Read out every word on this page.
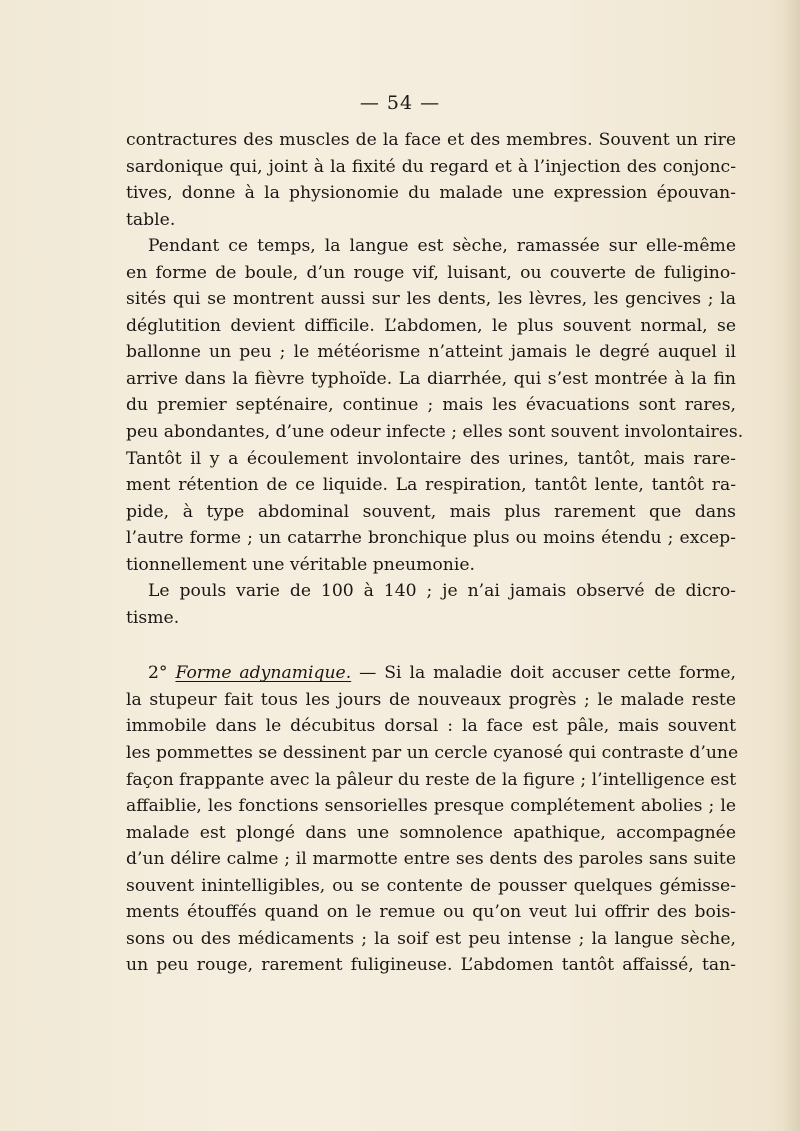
— 54 —
contractures des muscles de la face et des membres. Souvent un rire
sardonique qui, joint à la fixité du regard et à l’injection des conjonc-
tives, donne à la physionomie du malade une expression épouvan-
table.
Pendant ce temps, la langue est sèche, ramassée sur elle-même
en forme de boule, d’un rouge vif, luisant, ou couverte de fuligino-
sités qui se montrent aussi sur les dents, les lèvres, les gencives ; la
déglutition devient difficile. L’abdomen, le plus souvent normal, se
ballonne un peu ; le météorisme n’atteint jamais le degré auquel il
arrive dans la fièvre typhoïde. La diarrhée, qui s’est montrée à la fin
du premier septénaire, continue ; mais les évacuations sont rares,
peu abondantes, d’une odeur infecte ; elles sont souvent involontaires.
Tantôt il y a écoulement involontaire des urines, tantôt, mais rare-
ment rétention de ce liquide. La respiration, tantôt lente, tantôt ra-
pide, à type abdominal souvent, mais plus rarement que dans
l’autre forme ; un catarrhe bronchique plus ou moins étendu ; excep-
tionnellement une véritable pneumonie.
Le pouls varie de 100 à 140 ; je n’ai jamais observé de dicro-
tisme.
2° Forme adynamique. — Si la maladie doit accuser cette forme,
la stupeur fait tous les jours de nouveaux progrès ; le malade reste
immobile dans le décubitus dorsal : la face est pâle, mais souvent
les pommettes se dessinent par un cercle cyanosé qui contraste d’une
façon frappante avec la pâleur du reste de la figure ; l’intelligence est
affaiblie, les fonctions sensorielles presque complétement abolies ; le
malade est plongé dans une somnolence apathique, accompagnée
d’un délire calme ; il marmotte entre ses dents des paroles sans suite
souvent inintelligibles, ou se contente de pousser quelques gémisse-
ments étouffés quand on le remue ou qu’on veut lui offrir des bois-
sons ou des médicaments ; la soif est peu intense ; la langue sèche,
un peu rouge, rarement fuligineuse. L’abdomen tantôt affaissé, tan-
